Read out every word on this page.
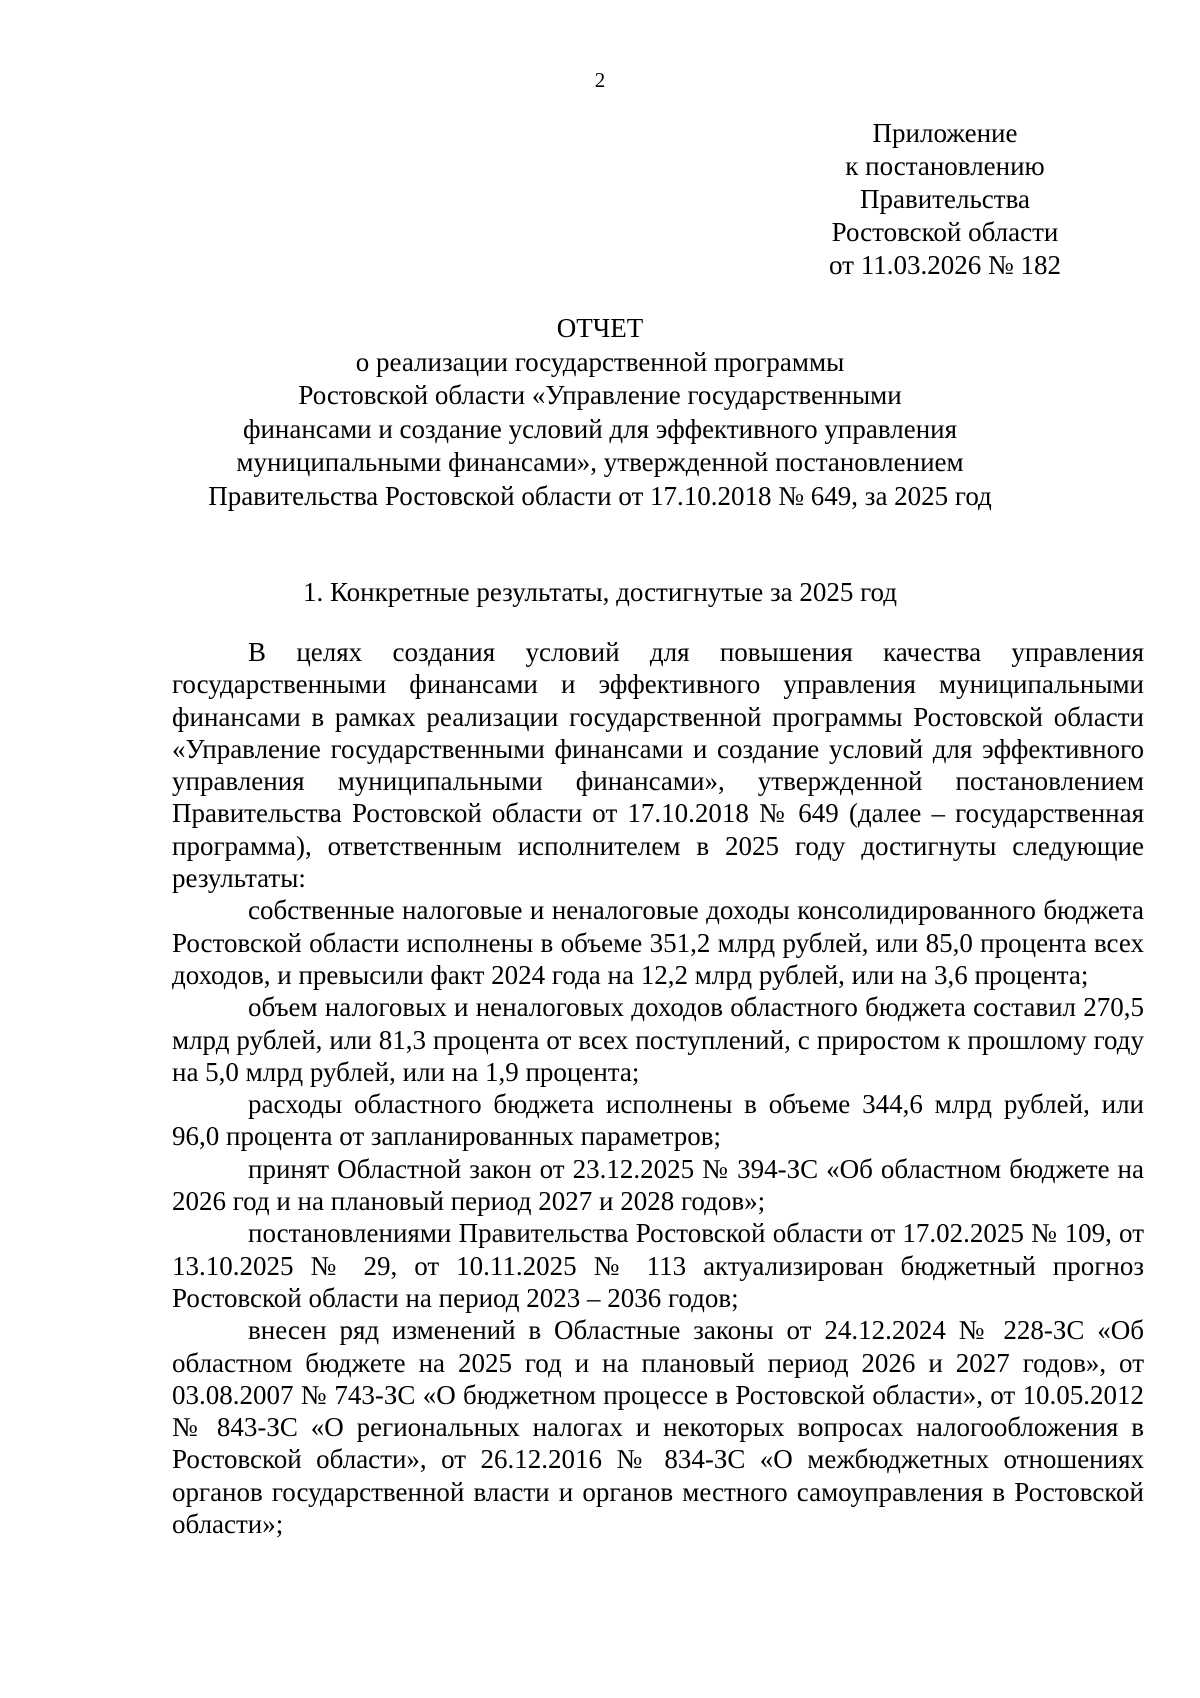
2
Приложение
к постановлению
Правительства
Ростовской области
от 11.03.2026 № 182
ОТЧЕТ
о реализации государственной программы
Ростовской области «Управление государственными
финансами и создание условий для эффективного управления
муниципальными финансами», утвержденной постановлением
Правительства Ростовской области от 17.10.2018 № 649, за 2025 год
1. Конкретные результаты, достигнутые за 2025 год

В целях создания условий для повышения качества управления государственными финансами и эффективного управления муниципальными финансами в рамках реализации государственной программы Ростовской области «Управление государственными финансами и создание условий для эффективного управления муниципальными финансами», утвержденной постановлением Правительства Ростовской области от 17.10.2018 № 649 (далее – государственная программа), ответственным исполнителем в 2025 году достигнуты следующие результаты:

собственные налоговые и неналоговые доходы консолидированного бюджета Ростовской области исполнены в объеме 351,2 млрд рублей, или 85,0 процента всех доходов, и превысили факт 2024 года на 12,2 млрд рублей, или на 3,6 процента;

объем налоговых и неналоговых доходов областного бюджета составил 270,5 млрд рублей, или 81,3 процента от всех поступлений, с приростом к прошлому году на 5,0 млрд рублей, или на 1,9 процента;

расходы областного бюджета исполнены в объеме 344,6 млрд рублей, или 96,0 процента от запланированных параметров;

принят Областной закон от 23.12.2025 № 394-ЗС «Об областном бюджете на 2026 год и на плановый период 2027 и 2028 годов»;

постановлениями Правительства Ростовской области от 17.02.2025 № 109, от 13.10.2025 № 29, от 10.11.2025 № 113 актуализирован бюджетный прогноз Ростовской области на период 2023 – 2036 годов;

внесен ряд изменений в Областные законы от 24.12.2024 № 228-ЗС «Об областном бюджете на 2025 год и на плановый период 2026 и 2027 годов», от 03.08.2007 № 743-ЗС «О бюджетном процессе в Ростовской области», от 10.05.2012 № 843-ЗС «О региональных налогах и некоторых вопросах налогообложения в Ростовской области», от 26.12.2016 № 834-ЗС «О межбюджетных отношениях органов государственной власти и органов местного самоуправления в Ростовской области»;
